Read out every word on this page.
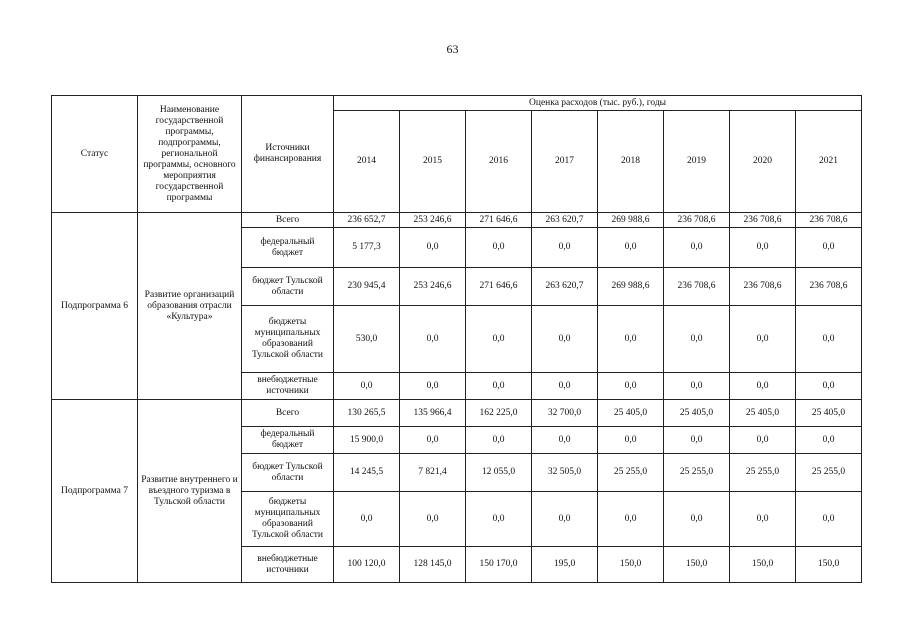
63
Статус	Наименование государственной программы, подпрограммы, региональной программы, основного мероприятия государственной программы	Источники финансирования	Оценка расходов (тыс. руб.), годы							
			2014	2015	2016	2017	2018	2019	2020	2021
Подпрограмма 6	Развитие организаций образования отрасли «Культура»	Всего	236 652,7	253 246,6	271 646,6	263 620,7	269 988,6	236 708,6	236 708,6	236 708,6
		федеральный бюджет	5 177,3	0,0	0,0	0,0	0,0	0,0	0,0	0,0
		бюджет Тульской области	230 945,4	253 246,6	271 646,6	263 620,7	269 988,6	236 708,6	236 708,6	236 708,6
		бюджеты муниципальных образований Тульской области	530,0	0,0	0,0	0,0	0,0	0,0	0,0	0,0
		внебюджетные источники	0,0	0,0	0,0	0,0	0,0	0,0	0,0	0,0
Подпрограмма 7	Развитие внутреннего и въездного туризма в Тульской области	Всего	130 265,5	135 966,4	162 225,0	32 700,0	25 405,0	25 405,0	25 405,0	25 405,0
		федеральный бюджет	15 900,0	0,0	0,0	0,0	0,0	0,0	0,0	0,0
		бюджет Тульской области	14 245,5	7 821,4	12 055,0	32 505,0	25 255,0	25 255,0	25 255,0	25 255,0
		бюджеты муниципальных образований Тульской области	0,0	0,0	0,0	0,0	0,0	0,0	0,0	0,0
		внебюджетные источники	100 120,0	128 145,0	150 170,0	195,0	150,0	150,0	150,0	150,0
